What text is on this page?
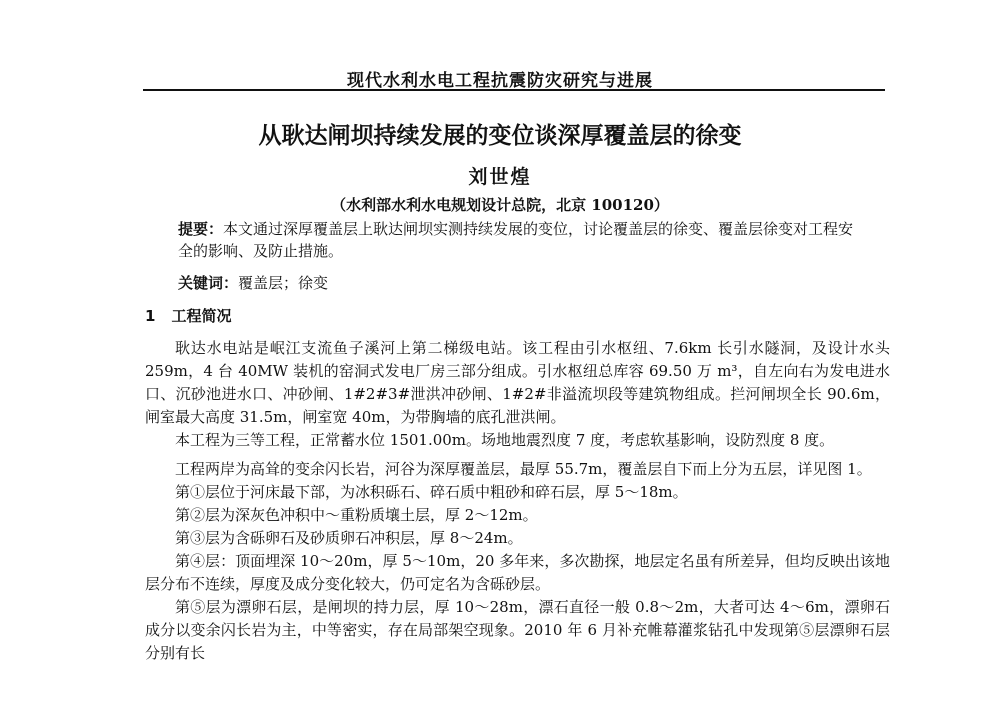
现代水利水电工程抗震防灾研究与进展
从耿达闸坝持续发展的变位谈深厚覆盖层的徐变
刘世煌
（水利部水利水电规划设计总院，北京 100120）
提要：本文通过深厚覆盖层上耿达闸坝实测持续发展的变位，讨论覆盖层的徐变、覆盖层徐变对工程安全的影响、及防止措施。
关键词：覆盖层；徐变
1 工程简况

耿达水电站是岷江支流鱼子溪河上第二梯级电站。该工程由引水枢纽、7.6km 长引水隧洞，及设计水头 259m，4 台 40MW 装机的窑洞式发电厂房三部分组成。引水枢纽总库容 69.50 万 m³，自左向右为发电进水口、沉砂池进水口、冲砂闸、1#2#3#泄洪冲砂闸、1#2#非溢流坝段等建筑物组成。拦河闸坝全长 90.6m，闸室最大高度 31.5m，闸室宽 40m，为带胸墙的底孔泄洪闸。

本工程为三等工程，正常蓄水位 1501.00m。场地地震烈度 7 度，考虑软基影响，设防烈度 8 度。

工程两岸为高耸的变余闪长岩，河谷为深厚覆盖层，最厚 55.7m，覆盖层自下而上分为五层，详见图 1。

第①层位于河床最下部，为冰积砾石、碎石质中粗砂和碎石层，厚 5～18m。

第②层为深灰色冲积中～重粉质壤土层，厚 2～12m。

第③层为含砾卵石及砂质卵石冲积层，厚 8～24m。

第④层：顶面埋深 10～20m，厚 5～10m，20 多年来，多次勘探，地层定名虽有所差异，但均反映出该地层分布不连续，厚度及成分变化较大，仍可定名为含砾砂层。

第⑤层为漂卵石层，是闸坝的持力层，厚 10～28m，漂石直径一般 0.8～2m，大者可达 4～6m，漂卵石成分以变余闪长岩为主，中等密实，存在局部架空现象。2010 年 6 月补充帷幕灌浆钻孔中发现第⑤层漂卵石层分别有长
